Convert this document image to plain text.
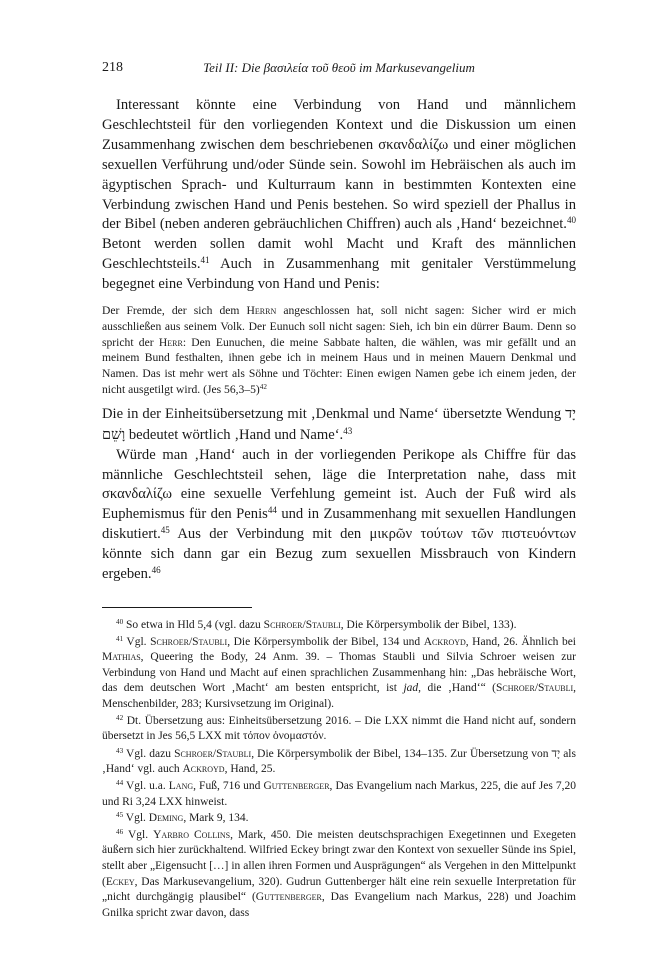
218	Teil II: Die βασιλεία τοῦ θεοῦ im Markusevangelium

Interessant könnte eine Verbindung von Hand und männlichem Geschlechtsteil für den vorliegenden Kontext und die Diskussion um einen Zusammenhang zwischen dem beschriebenen σκανδαλίζω und einer möglichen sexuellen Verführung und/oder Sünde sein. Sowohl im Hebräischen als auch im ägyptischen Sprach- und Kulturraum kann in bestimmten Kontexten eine Verbindung zwischen Hand und Penis bestehen. So wird speziell der Phallus in der Bibel (neben anderen gebräuchlichen Chiffren) auch als ‚Hand‘ bezeichnet.$^{40}$ Betont werden sollen damit wohl Macht und Kraft des männlichen Geschlechtsteils.$^{41}$ Auch in Zusammenhang mit genitaler Verstümmelung begegnet eine Verbindung von Hand und Penis:

Der Fremde, der sich dem Herrn angeschlossen hat, soll nicht sagen: Sicher wird er mich ausschließen aus seinem Volk. Der Eunuch soll nicht sagen: Sieh, ich bin ein dürrer Baum. Denn so spricht der Herr: Den Eunuchen, die meine Sabbate halten, die wählen, was mir gefällt und an meinem Bund festhalten, ihnen gebe ich in meinem Haus und in meinen Mauern Denkmal und Namen. Das ist mehr wert als Söhne und Töchter: Einen ewigen Namen gebe ich einem jeden, der nicht ausgetilgt wird. (Jes 56,3–5)$^{42}$

Die in der Einheitsübersetzung mit ‚Denkmal und Name‘ übersetzte Wendung יָד וָשֵׁם bedeutet wörtlich ‚Hand und Name‘.$^{43}$

Würde man ‚Hand‘ auch in der vorliegenden Perikope als Chiffre für das männliche Geschlechtsteil sehen, läge die Interpretation nahe, dass mit σκανδαλίζω eine sexuelle Verfehlung gemeint ist. Auch der Fuß wird als Euphemismus für den Penis$^{44}$ und in Zusammenhang mit sexuellen Handlungen diskutiert.$^{45}$ Aus der Verbindung mit den μικρῶν τούτων τῶν πιστευόντων könnte sich dann gar ein Bezug zum sexuellen Missbrauch von Kindern ergeben.$^{46}$

$^{40}$ So etwa in Hld 5,4 (vgl. dazu Schroer/Staubli, Die Körpersymbolik der Bibel, 133).

$^{41}$ Vgl. Schroer/Staubli, Die Körpersymbolik der Bibel, 134 und Ackroyd, Hand, 26. Ähnlich bei Mathias, Queering the Body, 24 Anm. 39. – Thomas Staubli und Silvia Schroer weisen zur Verbindung von Hand und Macht auf einen sprachlichen Zusammenhang hin: „Das hebräische Wort, das dem deutschen Wort ‚Macht‘ am besten entspricht, ist jad, die ‚Hand‘“ (Schroer/Staubli, Menschenbilder, 283; Kursivsetzung im Original).

$^{42}$ Dt. Übersetzung aus: Einheitsübersetzung 2016. – Die LXX nimmt die Hand nicht auf, sondern übersetzt in Jes 56,5 LXX mit τόπον ὀνομαστόν.

$^{43}$ Vgl. dazu Schroer/Staubli, Die Körpersymbolik der Bibel, 134–135. Zur Übersetzung von יָד als ‚Hand‘ vgl. auch Ackroyd, Hand, 25.

$^{44}$ Vgl. u.a. Lang, Fuß, 716 und Guttenberger, Das Evangelium nach Markus, 225, die auf Jes 7,20 und Ri 3,24 LXX hinweist.

$^{45}$ Vgl. Deming, Mark 9, 134.

$^{46}$ Vgl. Yarbro Collins, Mark, 450. Die meisten deutschsprachigen Exegetinnen und Exegeten äußern sich hier zurückhaltend. Wilfried Eckey bringt zwar den Kontext von sexueller Sünde ins Spiel, stellt aber „Eigensucht […] in allen ihren Formen und Ausprägungen“ als Vergehen in den Mittelpunkt (Eckey, Das Markusevangelium, 320). Gudrun Guttenberger hält eine rein sexuelle Interpretation für „nicht durchgängig plausibel“ (Guttenberger, Das Evangelium nach Markus, 228) und Joachim Gnilka spricht zwar davon, dass
